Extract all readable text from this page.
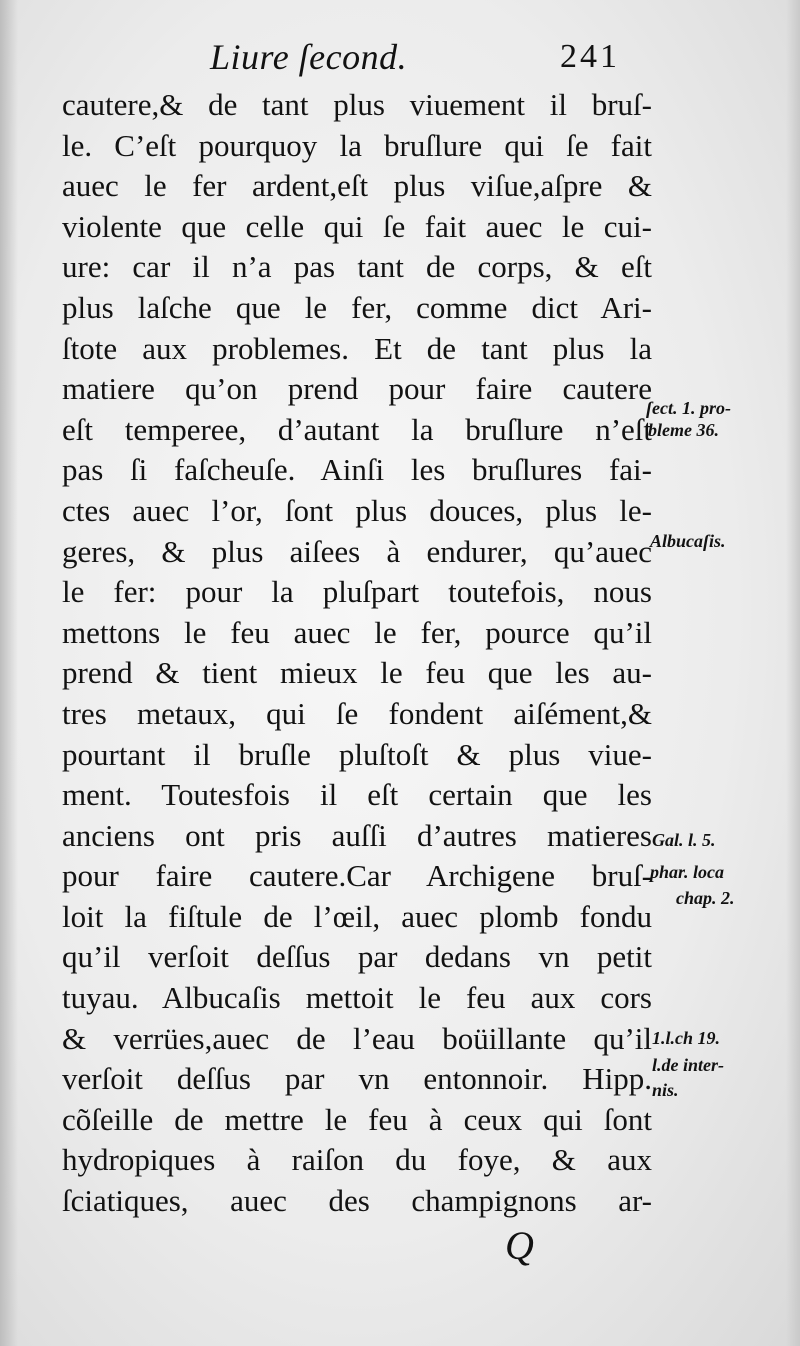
Liure ſecond.	241
cautere,& de tant plus viuement il bruſ-
le. C’eſt pourquoy la bruſlure qui ſe fait
auec le fer ardent,eſt plus viſue,aſpre &
violente que celle qui ſe fait auec le cui-
ure: car il n’a pas tant de corps, & eſt
plus laſche que le fer, comme dict Ari-
ſtote aux problemes. Et de tant plus la
matiere qu’on prend pour faire cautere
eſt temperee, d’autant la bruſlure n’eſt
pas ſi faſcheuſe. Ainſi les bruſlures fai-
ctes auec l’or, ſont plus douces, plus le-
geres, & plus aiſees à endurer, qu’auec
le fer: pour la pluſpart toutefois, nous
mettons le feu auec le fer, pource qu’il
prend & tient mieux le feu que les au-
tres metaux, qui ſe fondent aiſément,&
pourtant il bruſle pluſtoſt & plus viue-
ment. Toutesfois il eſt certain que les
anciens ont pris auſſi d’autres matieres
pour faire cautere.Car Archigene bruſ-
loit la fiſtule de l’œil, auec plomb fondu
qu’il verſoit deſſus par dedans vn petit
tuyau. Albucaſis mettoit le feu aux cors
& verrües,auec de l’eau boüillante qu’il
verſoit deſſus par vn entonnoir. Hipp.
cõſeille de mettre le feu à ceux qui ſont
hydropiques à raiſon du foye, & aux
ſciatiques, auec des champignons ar-
ſect. 1. pro-
bleme 36.
Albucaſis.
Gal. l. 5.
phar. loca
chap. 2.
1.l.ch 19.
l.de inter-
nis.
Q
